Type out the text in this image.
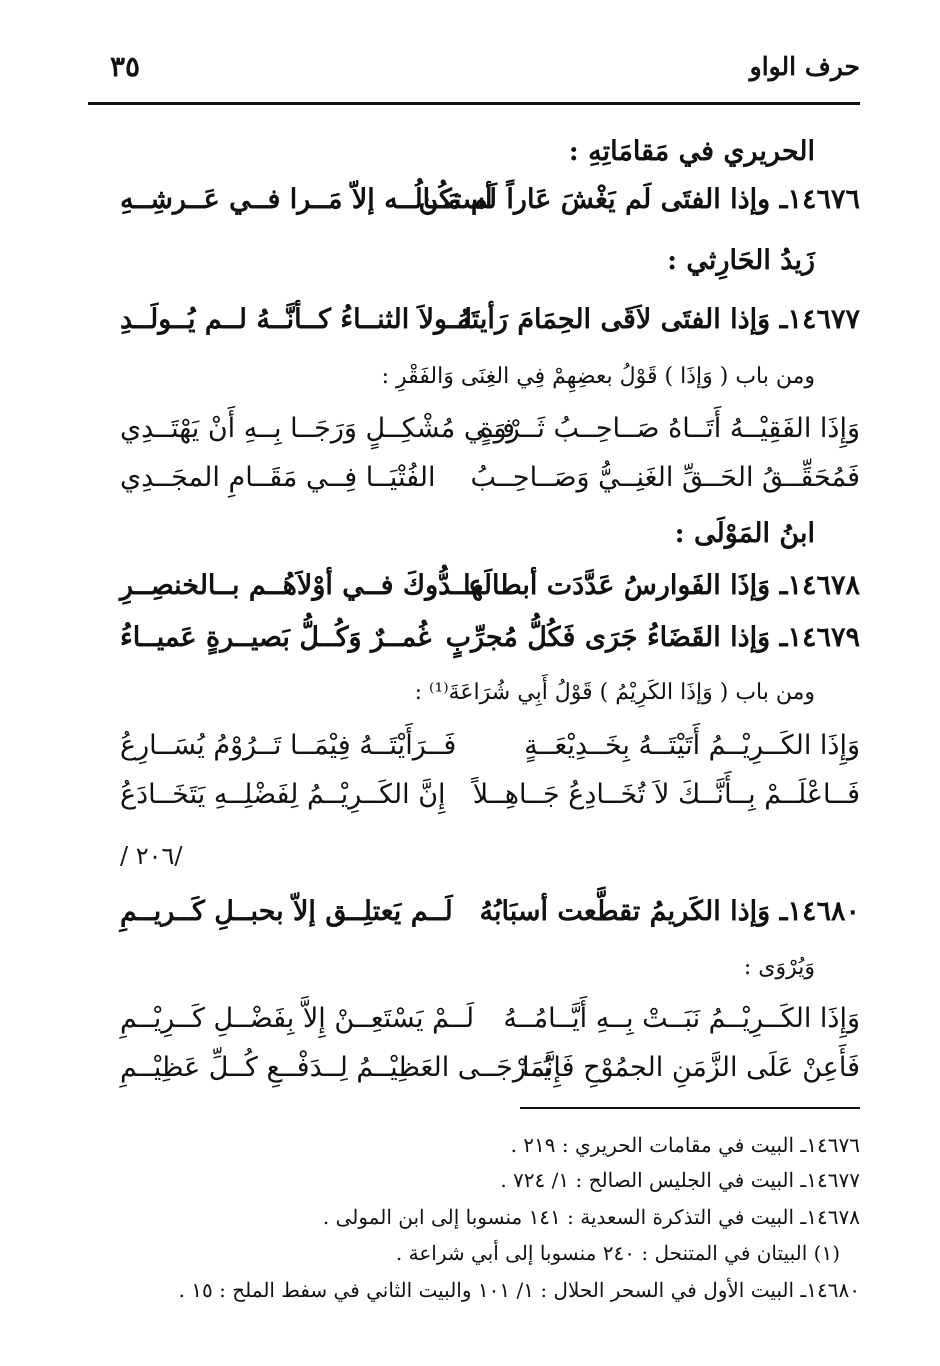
حرف الواو
٣٥
الحريري في مَقامَاتِهِ :
١٤٦٧٦ـ وإذا الفتَى لَم يَغْشَ عَاراً لَم تكُن
أسمَــالُــه إلاّ مَــرا فــي عَــرشِــهِ
زَيدُ الحَارِثي :
١٤٦٧٧ـ وَإذا الفتَى لاَقَى الحِمَامَ رَأيتَهُ
لــولاَ الثنــاءُ كــأنَّــهُ لــم يُــولَــدِ
ومن باب ( وَإذَا ) قَوْلُ بعضِهِمْ فِي الغِنَى وَالفَقْرِ :
وَإِذَا الفَقِيْــهُ أَتَــاهُ صَــاحِــبُ ثَــرْوَةٍ
فِــي مُشْكِــلٍ وَرَجَــا بِــهِ أَنْ يَهْتَــدِي
فَمُحَقِّــقُ الحَــقِّ الغَنِــيُّ وَصَــاحِــبُ
الفُتْيَــا فِــي مَقَــامِ المجَــدِي
ابنُ المَوْلَى :
١٤٦٧٨ـ وَإذَا الفَوارسُ عَدَّدَت أبطالَها
عــدُّوكَ فــي أوْلاَهُــم بــالخنصِــرِ
١٤٦٧٩ـ وَإذا القَضَاءُ جَرَى فَكُلُّ مُجرِّبٍ
غُمــرٌ وَكُــلُّ بَصيــرةٍ عَميــاءُ
ومن باب ( وَإذَا الكَرِيْمُ ) قَوْلُ أَبِي شُرَاعَةَ⁽¹⁾ :
وَإِذَا الكَــرِيْــمُ أَتَيْتَــهُ بِخَــدِيْعَــةٍ
فَــرَأَيْتَــهُ فِيْمَــا تَــرُوْمُ يُسَــارِعُ
فَــاعْلَــمْ بِــأَنَّــكَ لاَ تُخَــادِعُ جَــاهِــلاً
إِنَّ الكَــرِيْــمُ لِفَضْلِــهِ يَتَخَــادَعُ
/ ٢٠٦/
١٤٦٨٠ـ وَإذا الكَريمُ تقطَّعت أسبَابُهُ
لَــم يَعتلِــق إلاّ بحبــلِ كَــريــمِ
وَيُرْوَى :
وَإِذَا الكَــرِيْــمُ نَبَــتْ بِــهِ أَيَّــامُــهُ
لَــمْ يَسْتَعِــنْ إِلاَّ بِفَضْــلِ كَــرِيْــمِ
فَأَعِنْ عَلَى الزَّمَنِ الجمُوْحِ فَإِنَّمَا
يُــرْجَــى العَظِيْــمُ لِــدَفْــعِ كُــلِّ عَظِيْــمِ
١٤٦٧٦ـ البيت في مقامات الحريري : ٢١٩ .
١٤٦٧٧ـ البيت في الجليس الصالح : ١/ ٧٢٤ .
١٤٦٧٨ـ البيت في التذكرة السعدية : ١٤١ منسوبا إلى ابن المولى .
(١) البيتان في المتنحل : ٢٤٠ منسوبا إلى أبي شراعة .
١٤٦٨٠ـ البيت الأول في السحر الحلال : ١/ ١٠١ والبيت الثاني في سفط الملح : ١٥ .
